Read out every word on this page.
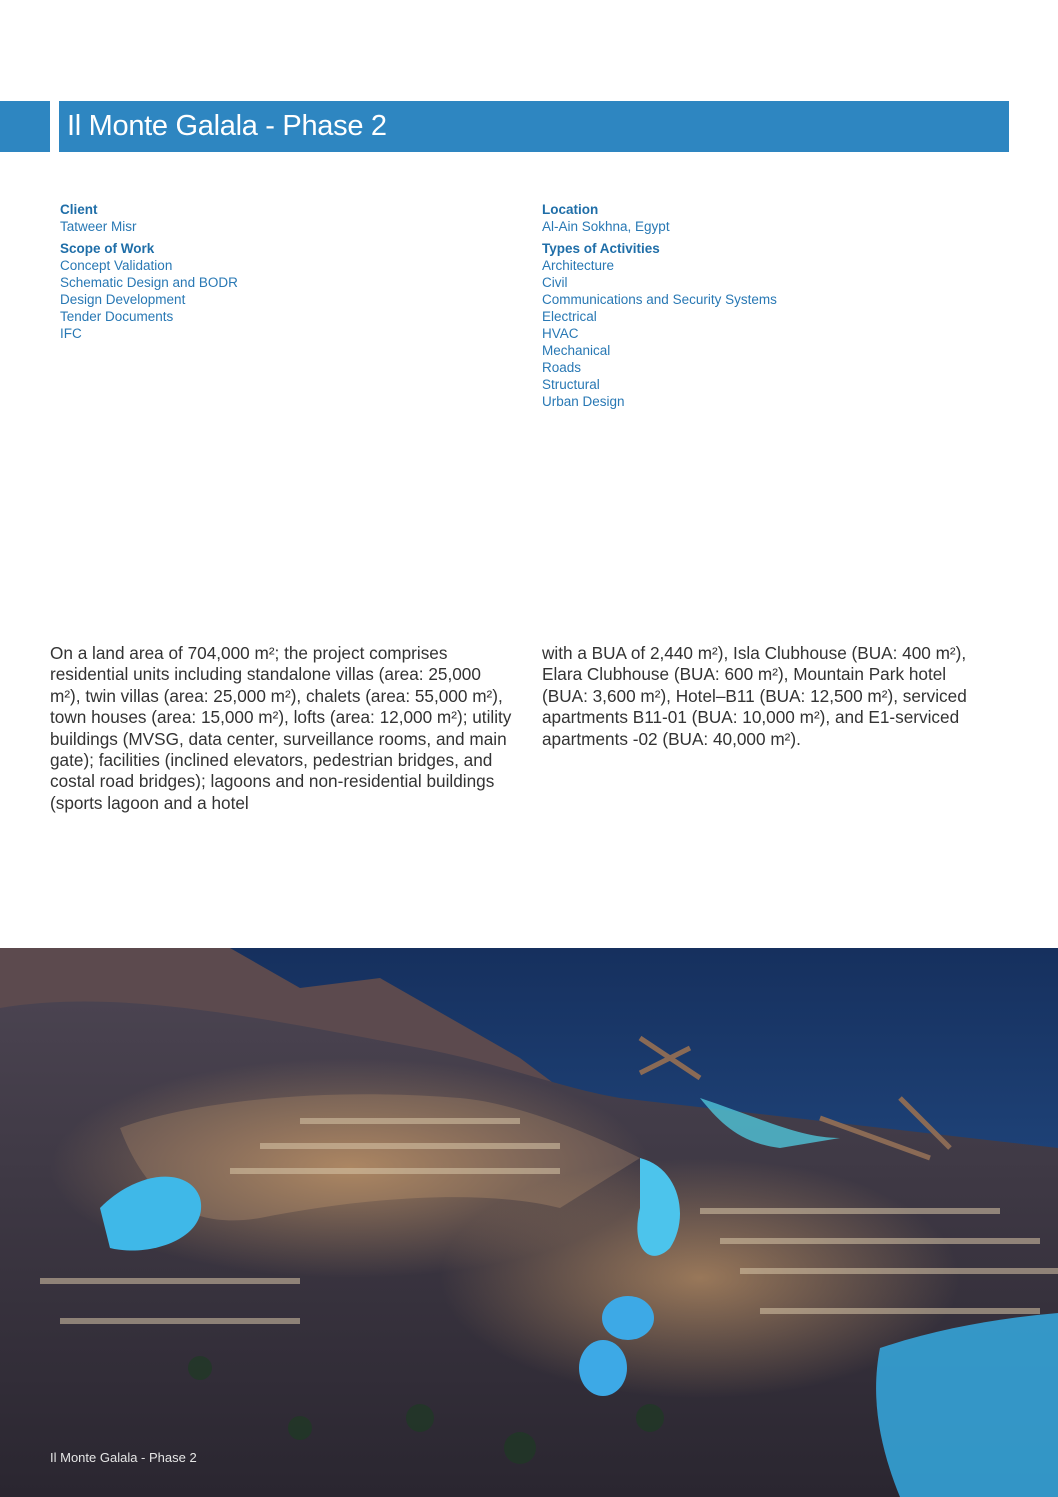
Il Monte Galala - Phase 2
Client
Tatweer Misr
Scope of Work
Concept Validation
Schematic Design and BODR
Design Development
Tender Documents
IFC
Location
Al-Ain Sokhna, Egypt
Types of Activities
Architecture
Civil
Communications and Security Systems
Electrical
HVAC
Mechanical
Roads
Structural
Urban Design
On a land area of 704,000 m²; the project comprises residential units including standalone villas (area: 25,000 m²), twin villas (area: 25,000 m²), chalets (area: 55,000 m²), town houses (area: 15,000 m²), lofts (area: 12,000 m²); utility buildings (MVSG, data center, surveillance rooms, and main gate); facilities (inclined elevators, pedestrian bridges, and costal road bridges); lagoons and non-residential buildings (sports lagoon and a hotel
with a BUA of 2,440 m²), Isla Clubhouse (BUA: 400 m²), Elara Clubhouse (BUA: 600 m²), Mountain Park hotel (BUA: 3,600 m²), Hotel–B11 (BUA: 12,500 m²), serviced apartments B11-01 (BUA: 10,000 m²), and E1-serviced apartments -02 (BUA: 40,000 m²).
Il Monte Galala - Phase 2
